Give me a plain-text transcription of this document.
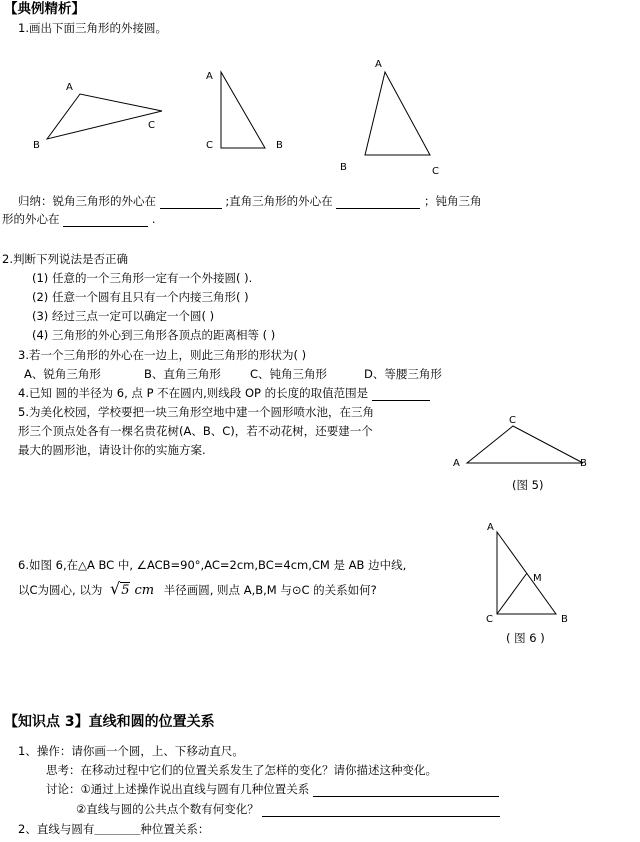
【典例精析】
1.画出下面三角形的外接圆。
A
B
C
A
C	B
A
B	C
A
C
B
A
C	B
M
归纳：锐角三角形的外心在	;直角三角形的外心在	；钝角三角
形的外心在	.
2.判断下列说法是否正确
(1) 任意的一个三角形一定有一个外接圆( ).
(2) 任意一个圆有且只有一个内接三角形( )
(3) 经过三点一定可以确定一个圆( )
(4) 三角形的外心到三角形各顶点的距离相等 ( )
3.若一个三角形的外心在一边上，则此三角形的形状为( )
A、锐角三角形	B、直角三角形	C、钝角三角形	D、等腰三角形
4.已知 圆的半径为 6, 点 P 不在圆内,则线段 OP 的长度的取值范围是
5.为美化校园，学校要把一块三角形空地中建一个圆形喷水池，在三角
形三个顶点处各有一棵名贵花树(A、B、C)，若不动花树，还要建一个
最大的圆形池，请设计你的实施方案.
(图 5)
6.如图 6,在△A BC 中, ∠ACB=90°,AC=2cm,BC=4cm,CM 是 AB 边中线,
以C为圆心, 以为 √5 cm 半径画圆, 则点 A,B,M 与⊙C 的关系如何?
( 图 6 )
【知识点 3】直线和圆的位置关系
1、操作：请你画一个圆，上、下移动直尺。
思考：在移动过程中它们的位置关系发生了怎样的变化？请你描述这种变化。
讨论：①通过上述操作说出直线与圆有几种位置关系
②直线与圆的公共点个数有何变化？
2、直线与圆有＿＿＿＿种位置关系：
